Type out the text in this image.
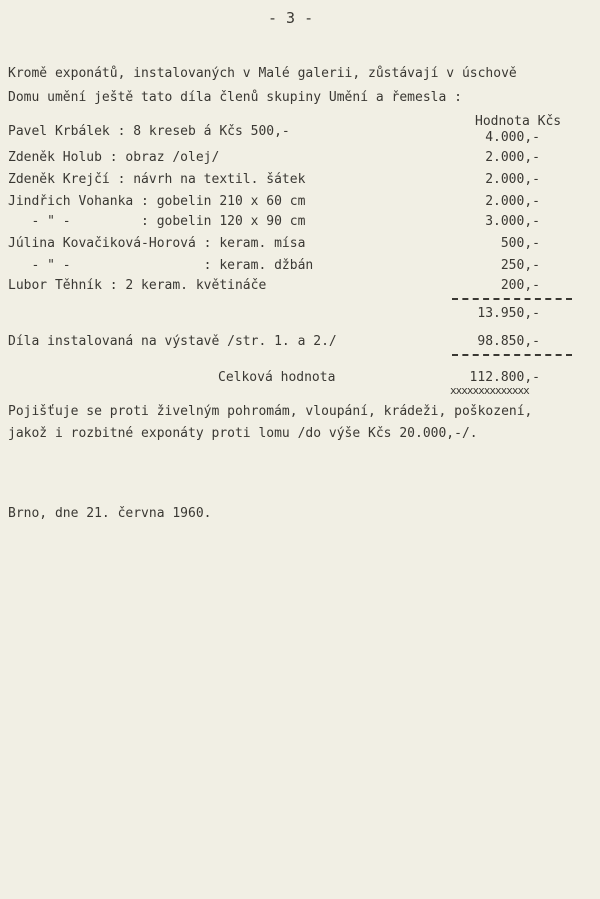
- 3 -
Kromě exponátů, instalovaných v Malé galerii, zůstávají v úschově
Domu umění ještě tato díla členů skupiny Umění a řemesla :
Hodnota Kčs
Pavel Krbálek : 8 kreseb á Kčs 500,-	4.000,-
Zdeněk Holub : obraz /olej/	2.000,-
Zdeněk Krejčí : návrh na textil. šátek	2.000,-
Jindřich Vohanka : gobelin 210 x 60 cm	2.000,-
- " -         : gobelin 120 x 90 cm	3.000,-
Júlina Kovačiková-Horová : keram. mísa	500,-
- " -                 : keram. džbán	250,-
Lubor Těhník : 2 keram. květináče	200,-
13.950,-
Díla instalovaná na výstavě /str. 1. a 2./	98.850,-
Celková hodnota	112.800,-
xxxxxxxxxxxxxx
Pojišťuje se proti živelným pohromám, vloupání, krádeži, poškození,
jakož i rozbitné exponáty proti lomu /do výše Kčs 20.000,-/.
Brno, dne 21. června 1960.
